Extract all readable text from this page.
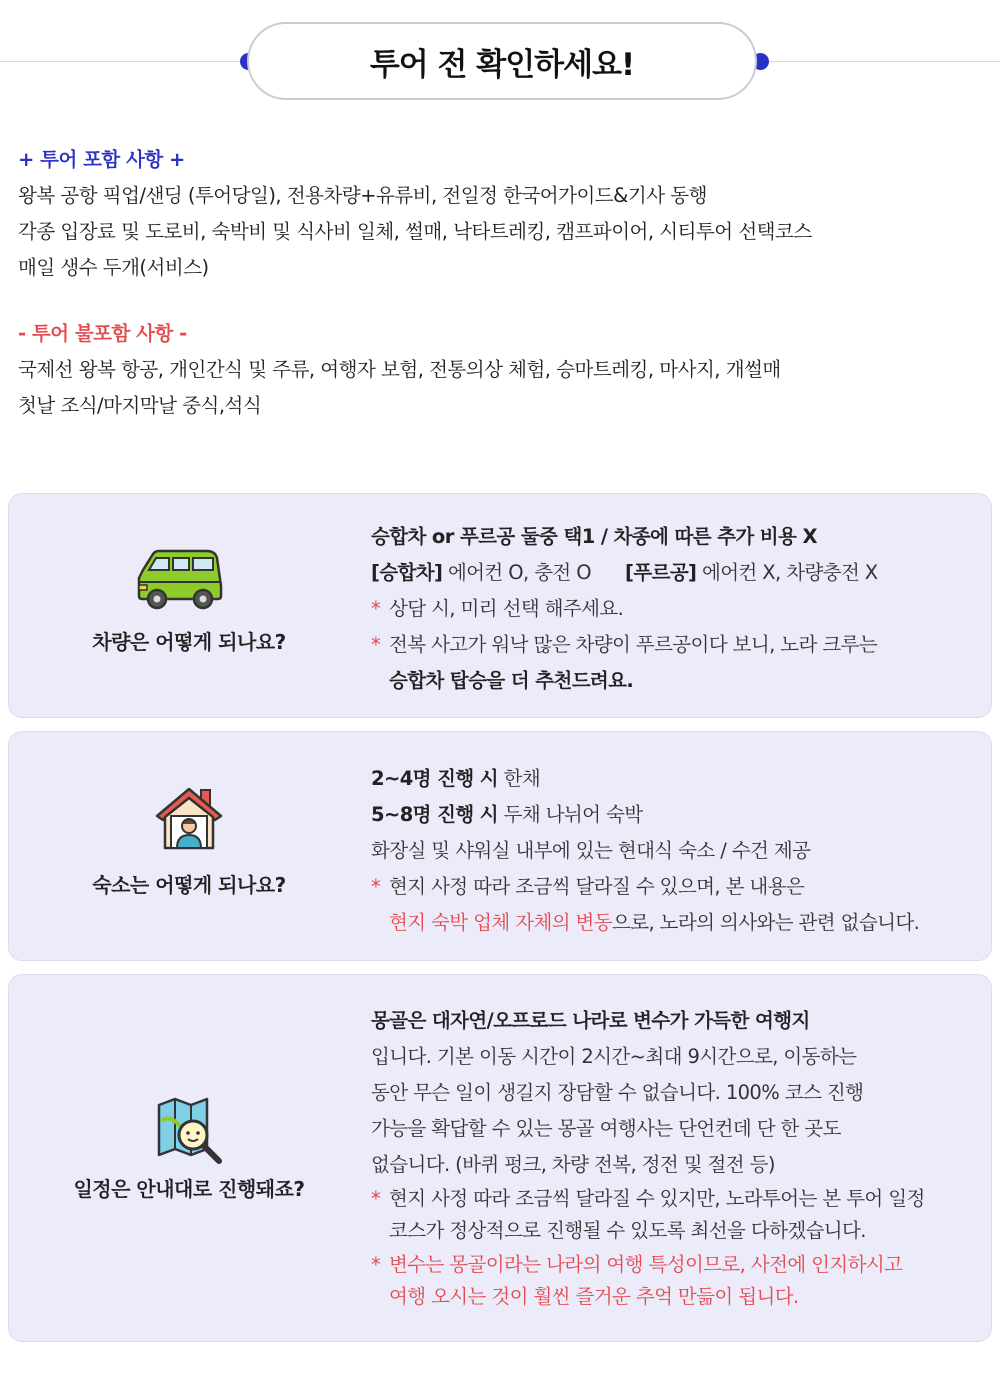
투어 전 확인하세요!
+ 투어 포함 사항 +
왕복 공항 픽업/샌딩 (투어당일), 전용차량+유류비, 전일정 한국어가이드&기사 동행
각종 입장료 및 도로비, 숙박비 및 식사비 일체, 썰매, 낙타트레킹, 캠프파이어, 시티투어 선택코스
매일 생수 두개(서비스)
- 투어 불포함 사항 -
국제선 왕복 항공, 개인간식 및 주류, 여행자 보험, 전통의상 체험, 승마트레킹, 마사지, 개썰매
첫날 조식/마지막날 중식,석식
차량은 어떻게 되나요?
승합차 or 푸르공 둘중 택1 / 차종에 따른 추가 비용 X
[승합차] 에어컨 O, 충전 O [푸르공] 에어컨 X, 차량충전 X
* 상담 시, 미리 선택 해주세요.
* 전복 사고가 워낙 많은 차량이 푸르공이다 보니, 노라 크루는
승합차 탑승을 더 추천드려요.
숙소는 어떻게 되나요?
2~4명 진행 시 한채
5~8명 진행 시 두채 나뉘어 숙박
화장실 및 샤워실 내부에 있는 현대식 숙소 / 수건 제공
* 현지 사정 따라 조금씩 달라질 수 있으며, 본 내용은
현지 숙박 업체 자체의 변동으로, 노라의 의사와는 관련 없습니다.
일정은 안내대로 진행돼죠?
몽골은 대자연/오프로드 나라로 변수가 가득한 여행지
입니다. 기본 이동 시간이 2시간~최대 9시간으로, 이동하는
동안 무슨 일이 생길지 장담할 수 없습니다. 100% 코스 진행
가능을 확답할 수 있는 몽골 여행사는 단언컨데 단 한 곳도
없습니다. (바퀴 펑크, 차량 전복, 정전 및 절전 등)
* 현지 사정 따라 조금씩 달라질 수 있지만, 노라투어는 본 투어 일정
코스가 정상적으로 진행될 수 있도록 최선을 다하겠습니다.
* 변수는 몽골이라는 나라의 여행 특성이므로, 사전에 인지하시고
여행 오시는 것이 훨씬 즐거운 추억 만듦이 됩니다.
